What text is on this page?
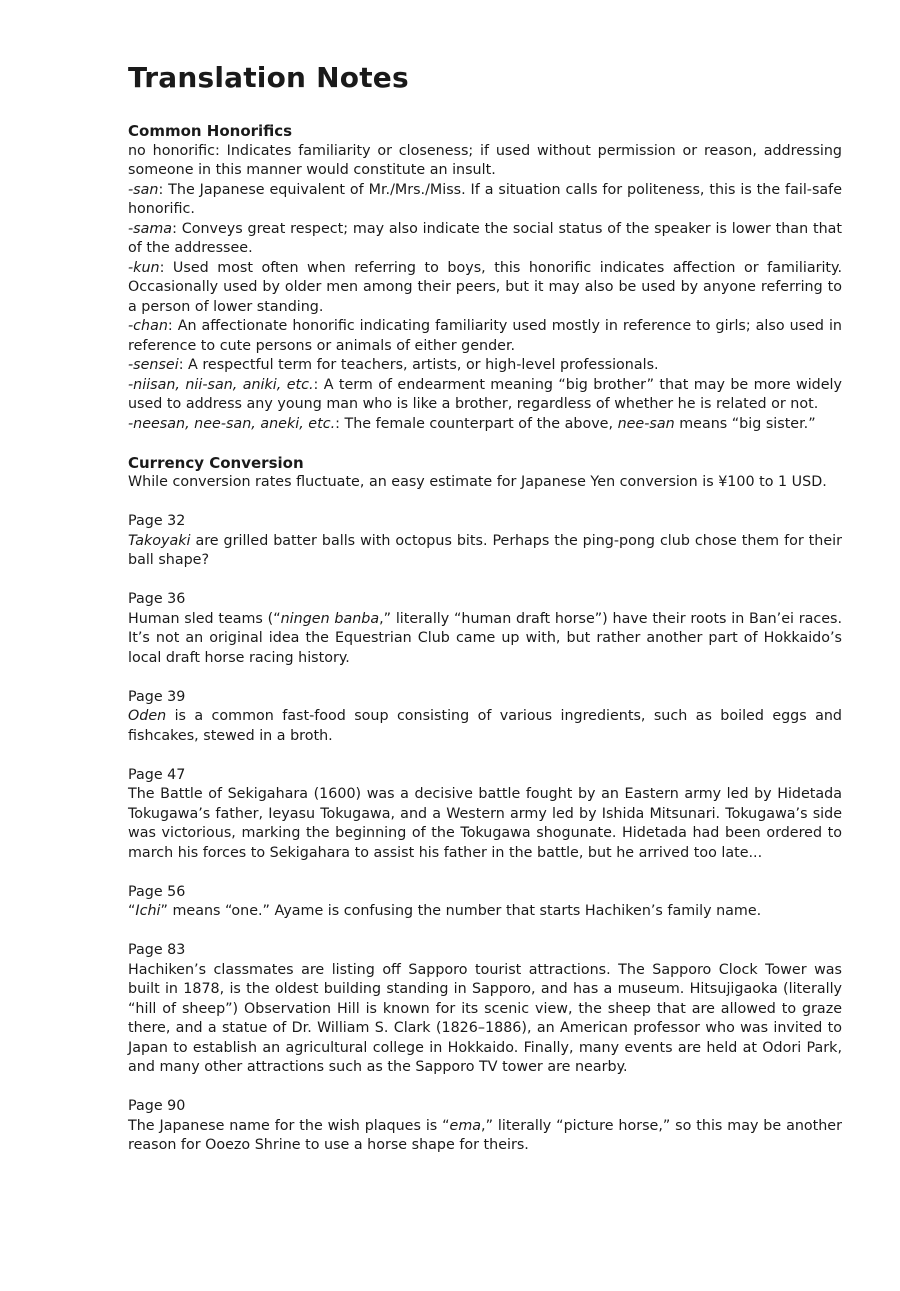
Translation Notes
Common Honorifics

no honorific: Indicates familiarity or closeness; if used without permission or reason, addressing someone in this manner would constitute an insult.

-san: The Japanese equivalent of Mr./Mrs./Miss. If a situation calls for politeness, this is the fail-safe honorific.

-sama: Conveys great respect; may also indicate the social status of the speaker is lower than that of the addressee.

-kun: Used most often when referring to boys, this honorific indicates affection or familiarity. Occasionally used by older men among their peers, but it may also be used by anyone referring to a person of lower standing.

-chan: An affectionate honorific indicating familiarity used mostly in reference to girls; also used in reference to cute persons or animals of either gender.

-sensei: A respectful term for teachers, artists, or high-level professionals.

-niisan, nii-san, aniki, etc.: A term of endearment meaning “big brother” that may be more widely used to address any young man who is like a brother, regardless of whether he is related or not.

-neesan, nee-san, aneki, etc.: The female counterpart of the above, nee-san means “big sister.”

Currency Conversion

While conversion rates fluctuate, an easy estimate for Japanese Yen conversion is ¥100 to 1 USD.

Page 32

Takoyaki are grilled batter balls with octopus bits. Perhaps the ping-pong club chose them for their ball shape?

Page 36

Human sled teams (“ningen banba,” literally “human draft horse”) have their roots in Ban’ei races. It’s not an original idea the Equestrian Club came up with, but rather another part of Hokkaido’s local draft horse racing history.

Page 39

Oden is a common fast-food soup consisting of various ingredients, such as boiled eggs and fishcakes, stewed in a broth.

Page 47

The Battle of Sekigahara (1600) was a decisive battle fought by an Eastern army led by Hidetada Tokugawa’s father, Ieyasu Tokugawa, and a Western army led by Ishida Mitsunari. Tokugawa’s side was victorious, marking the beginning of the Tokugawa shogunate. Hidetada had been ordered to march his forces to Sekigahara to assist his father in the battle, but he arrived too late...

Page 56

“Ichi” means “one.” Ayame is confusing the number that starts Hachiken’s family name.

Page 83

Hachiken’s classmates are listing off Sapporo tourist attractions. The Sapporo Clock Tower was built in 1878, is the oldest building standing in Sapporo, and has a museum. Hitsujigaoka (literally “hill of sheep”) Observation Hill is known for its scenic view, the sheep that are allowed to graze there, and a statue of Dr. William S. Clark (1826–1886), an American professor who was invited to Japan to establish an agricultural college in Hokkaido. Finally, many events are held at Odori Park, and many other attractions such as the Sapporo TV tower are nearby.

Page 90

The Japanese name for the wish plaques is “ema,” literally “picture horse,” so this may be another reason for Ooezo Shrine to use a horse shape for theirs.
